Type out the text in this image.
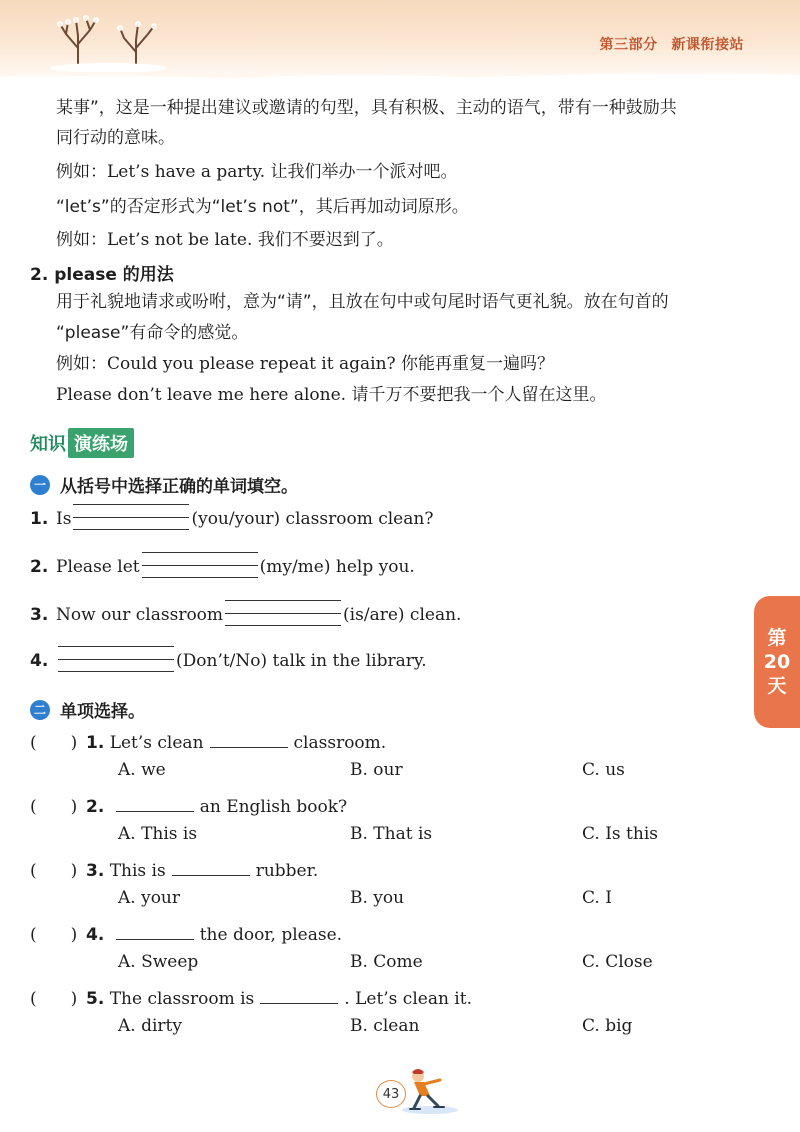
第三部分 新课衔接站
某事”，这是一种提出建议或邀请的句型，具有积极、主动的语气，带有一种鼓励共
同行动的意味。
例如：Let’s have a party. 让我们举办一个派对吧。
“let’s”的否定形式为“let’s not”，其后再加动词原形。
例如：Let’s not be late. 我们不要迟到了。
2. please 的用法
用于礼貌地请求或吩咐，意为“请”，且放在句中或句尾时语气更礼貌。放在句首的
“please”有命令的感觉。
例如：Could you please repeat it again? 你能再重复一遍吗？
Please don’t leave me here alone. 请千万不要把我一个人留在这里。
知识 演练场
一 从括号中选择正确的单词填空。
1. Is	(you/your) classroom clean?
2. Please let	(my/me) help you.
3. Now our classroom	(is/are) clean.
4.	(Don’t/No) talk in the library.
二 单项选择。
(　　) 1. Let’s clean	classroom.
A. we	B. our	C. us
(　　) 2.	an English book?
A. This is	B. That is	C. Is this
(　　) 3. This is	rubber.
A. your	B. you	C. I
(　　) 4.	the door, please.
A. Sweep	B. Come	C. Close
(　　) 5. The classroom is	. Let’s clean it.
A. dirty	B. clean	C. big
第
20
天
43
